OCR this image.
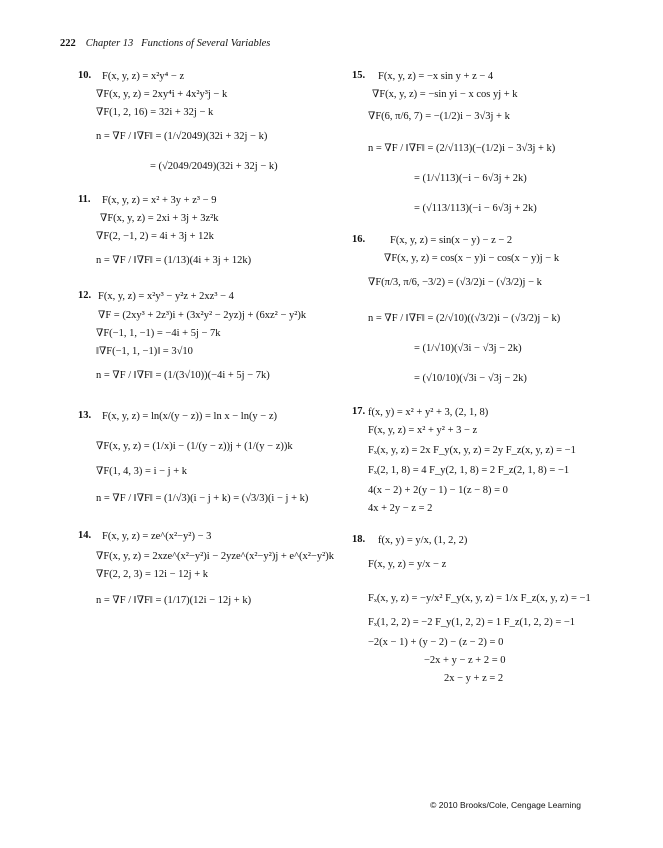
222 Chapter 13 Functions of Several Variables
10. F(x, y, z) = x²y⁴ − z
∇F(x, y, z) = 2xy⁴i + 4x²y³j − k
∇F(1, 2, 16) = 32i + 32j − k
n = ∇F / ‖∇F‖ = (1/√2049)(32i + 32j − k)
= (√2049/2049)(32i + 32j − k)
11. F(x, y, z) = x² + 3y + z³ − 9
∇F(x, y, z) = 2xi + 3j + 3z²k
∇F(2, −1, 2) = 4i + 3j + 12k
n = ∇F / ‖∇F‖ = (1/13)(4i + 3j + 12k)
12. F(x, y, z) = x²y³ − y²z + 2xz³ − 4
∇F = (2xy³ + 2z³)i + (3x²y² − 2yz)j + (6xz² − y²)k
∇F(−1, 1, −1) = −4i + 5j − 7k
‖∇F(−1, 1, −1)‖ = 3√10
n = ∇F / ‖∇F‖ = (1/(3√10))(−4i + 5j − 7k)
13. F(x, y, z) = ln(x/(y − z)) = ln x − ln(y − z)
∇F(x, y, z) = (1/x)i − (1/(y − z))j + (1/(y − z))k
∇F(1, 4, 3) = i − j + k
n = ∇F / ‖∇F‖ = (1/√3)(i − j + k) = (√3/3)(i − j + k)
14. F(x, y, z) = ze^(x²−y²) − 3
∇F(x, y, z) = 2xze^(x²−y²)i − 2yze^(x²−y²)j + e^(x²−y²)k
∇F(2, 2, 3) = 12i − 12j + k
n = ∇F / ‖∇F‖ = (1/17)(12i − 12j + k)
15. F(x, y, z) = −x sin y + z − 4
∇F(x, y, z) = −sin yi − x cos yj + k
∇F(6, π/6, 7) = −(1/2)i − 3√3j + k
n = ∇F / ‖∇F‖ = (2/√113)(−(1/2)i − 3√3j + k)
= (1/√113)(−i − 6√3j + 2k)
= (√113/113)(−i − 6√3j + 2k)
16. F(x, y, z) = sin(x − y) − z − 2
∇F(x, y, z) = cos(x − y)i − cos(x − y)j − k
∇F(π/3, π/6, −3/2) = (√3/2)i − (√3/2)j − k
n = ∇F / ‖∇F‖ = (2/√10)((√3/2)i − (√3/2)j − k)
= (1/√10)(√3i − √3j − 2k)
= (√10/10)(√3i − √3j − 2k)
17. f(x, y) = x² + y² + 3, (2, 1, 8)
F(x, y, z) = x² + y² + 3 − z
Fₓ(x, y, z) = 2x F_y(x, y, z) = 2y F_z(x, y, z) = −1
Fₓ(2, 1, 8) = 4 F_y(2, 1, 8) = 2 F_z(2, 1, 8) = −1
4(x − 2) + 2(y − 1) − 1(z − 8) = 0
4x + 2y − z = 2
18. f(x, y) = y/x, (1, 2, 2)
F(x, y, z) = y/x − z
Fₓ(x, y, z) = −y/x² F_y(x, y, z) = 1/x F_z(x, y, z) = −1
Fₓ(1, 2, 2) = −2 F_y(1, 2, 2) = 1 F_z(1, 2, 2) = −1
−2(x − 1) + (y − 2) − (z − 2) = 0
−2x + y − z + 2 = 0
2x − y + z = 2
© 2010 Brooks/Cole, Cengage Learning
